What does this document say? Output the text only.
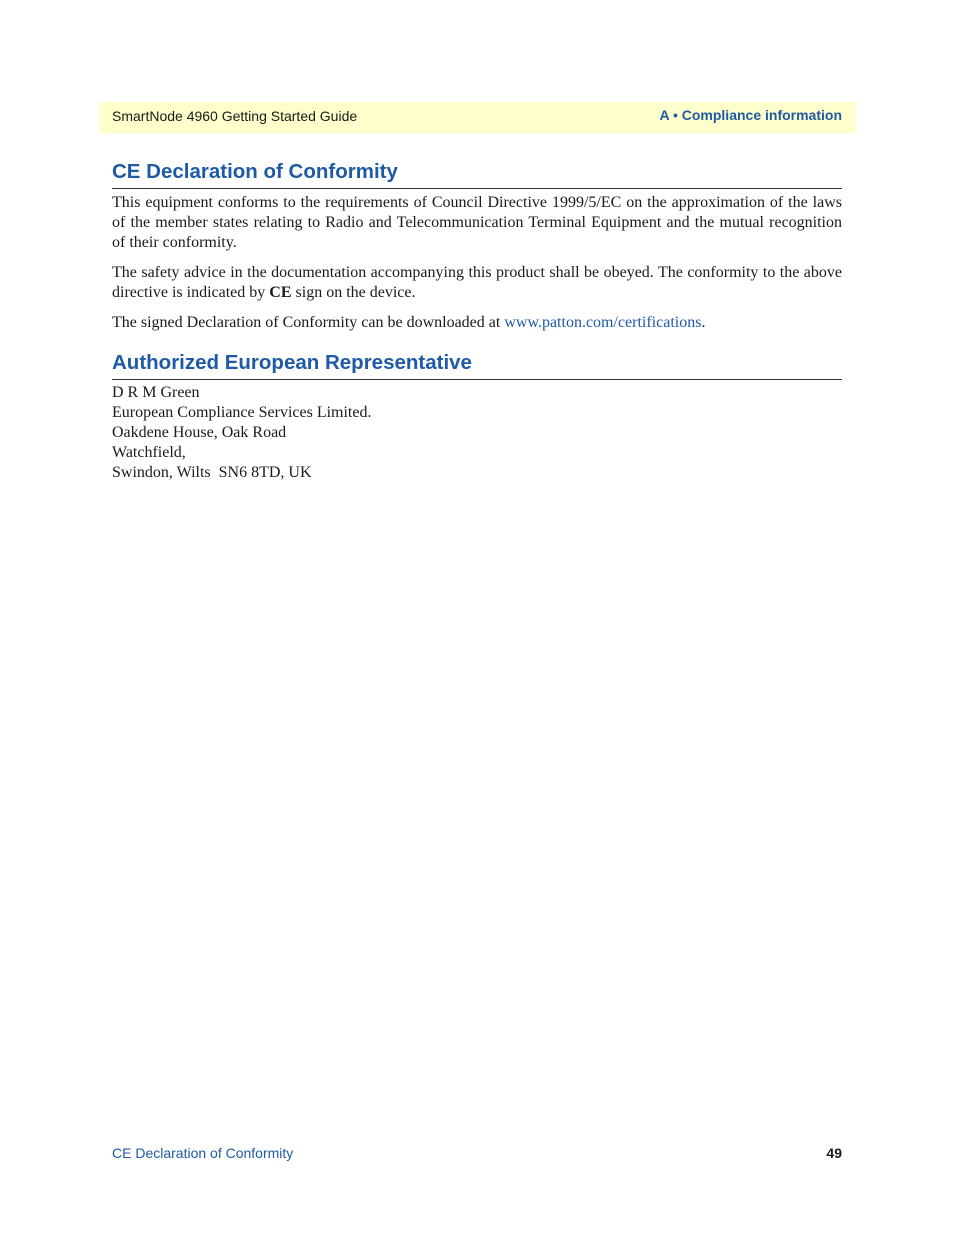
SmartNode 4960 Getting Started Guide	A • Compliance information
CE Declaration of Conformity

This equipment conforms to the requirements of Council Directive 1999/5/EC on the approximation of the laws of the member states relating to Radio and Telecommunication Terminal Equipment and the mutual recognition of their conformity.

The safety advice in the documentation accompanying this product shall be obeyed. The conformity to the above directive is indicated by CE sign on the device.

The signed Declaration of Conformity can be downloaded at www.patton.com/certifications.

Authorized European Representative
D R M Green
European Compliance Services Limited.
Oakdene House, Oak Road
Watchfield,
Swindon, Wilts  SN6 8TD, UK
CE Declaration of Conformity	49
